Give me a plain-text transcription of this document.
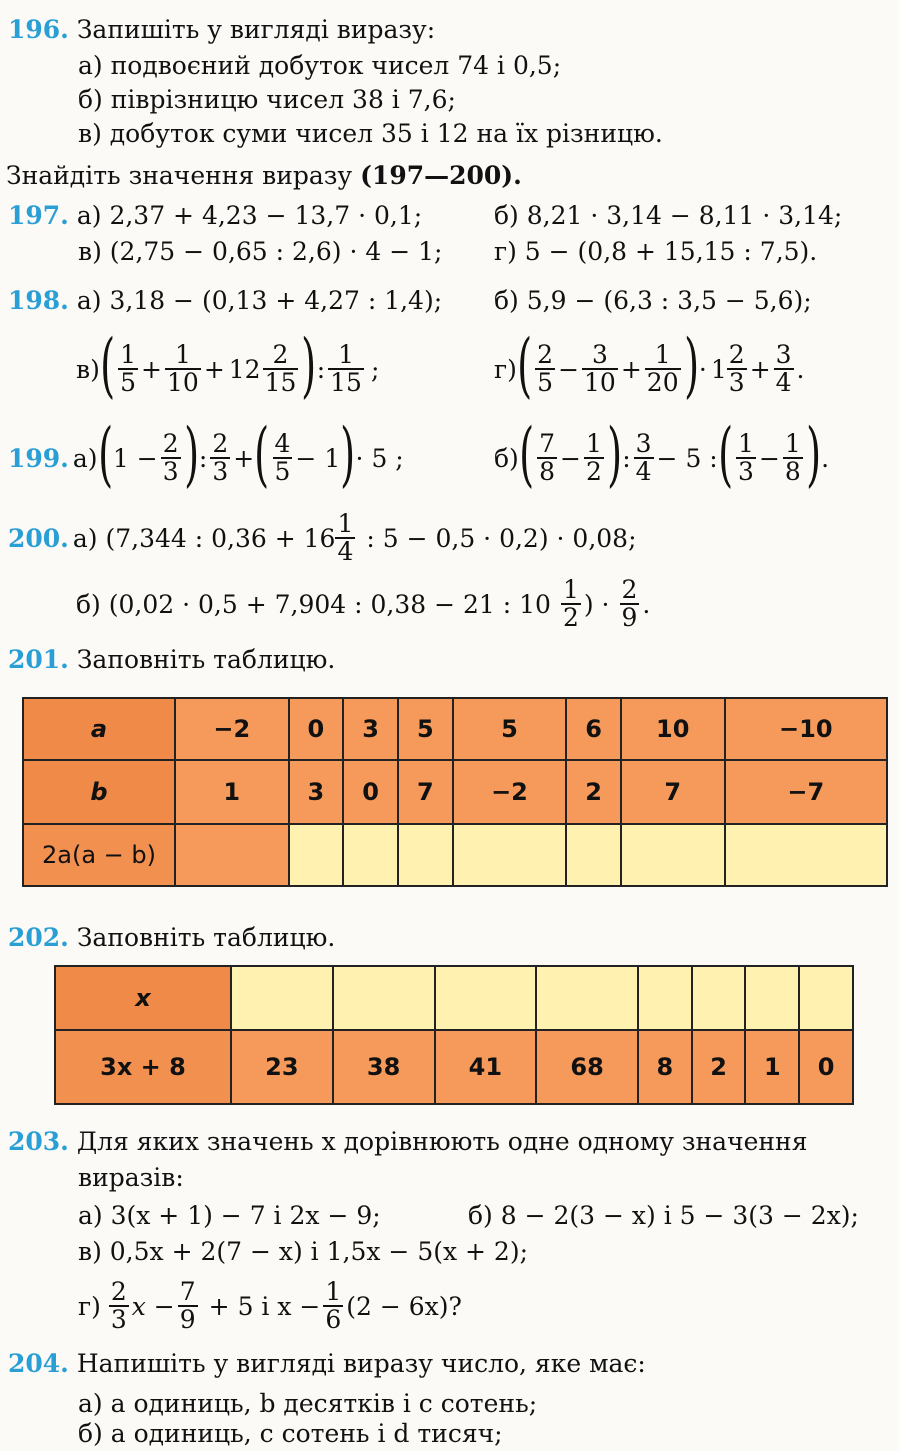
196. Запишіть у вигляді виразу:
а) подвоєний добуток чисел 74 і 0,5;
б) піврізницю чисел 38 і 7,6;
в) добуток суми чисел 35 і 12 на їх різницю.
Знайдіть значення виразу (197—200).
197. а) 2,37 + 4,23 − 13,7 · 0,1;	б) 8,21 · 3,14 − 8,11 · 3,14;
в) (2,75 − 0,65 : 2,6) · 4 − 1; г) 5 − (0,8 + 15,15 : 7,5).
198. а) 3,18 − (0,13 + 4,27 : 1,4); б) 5,9 − (6,3 : 3,5 − 5,6);
в) ( $\frac{1}{5} + \frac{1}{10} + 12 \frac{2}{15}$ ) : $\frac{1}{15}$ ;	г) ( $\frac{2}{5} - \frac{3}{10} + \frac{1}{20}$ ) · $1 \frac{2}{3} + \frac{3}{4}$ .
199. а) ( $1 - \frac{2}{3}$ ) : $\frac{2}{3}$ + ( $\frac{4}{5} - 1$ ) · 5 ;	б) ( $\frac{7}{8} - \frac{1}{2}$ ) : $\frac{3}{4} - 5$ : ( $\frac{1}{3} - \frac{1}{8}$ ) .
200. а) (7,344 : $0,36 + 16 \frac{1}{4}$ : 5 − 0,5 · 0,2) · 0,08;
б) (0,02 · 0,5 + 7,904 : 0,38 − 21 : $10 \frac{1}{2}$ ) · $\frac{2}{9}$ .
201. Заповніть таблицю.
a	−2	0	3	5	5	6	10	−10
b	1	3	0	7	−2	2	7	−7
2a(a − b)								
202. Заповніть таблицю.
x								
3x + 8	23	38	41	68	8	2	1	0
203. Для яких значень x дорівнюють одне одному значення
виразів:
а) 3(x + 1) − 7 і 2x − 9;	б) 8 − 2(3 − x) і 5 − 3(3 − 2x);
в) 0,5x + 2(7 − x) і 1,5x − 5(x + 2);
$г) \frac{2}{3}$ $x - \frac{7}{9} + 5$ і $x - \frac{1}{6} (2 - 6x)$?
204. Напишіть у вигляді виразу число, яке має:
а) a одиниць, b десятків і c сотень;
б) a одиниць, c сотень і d тисяч;
